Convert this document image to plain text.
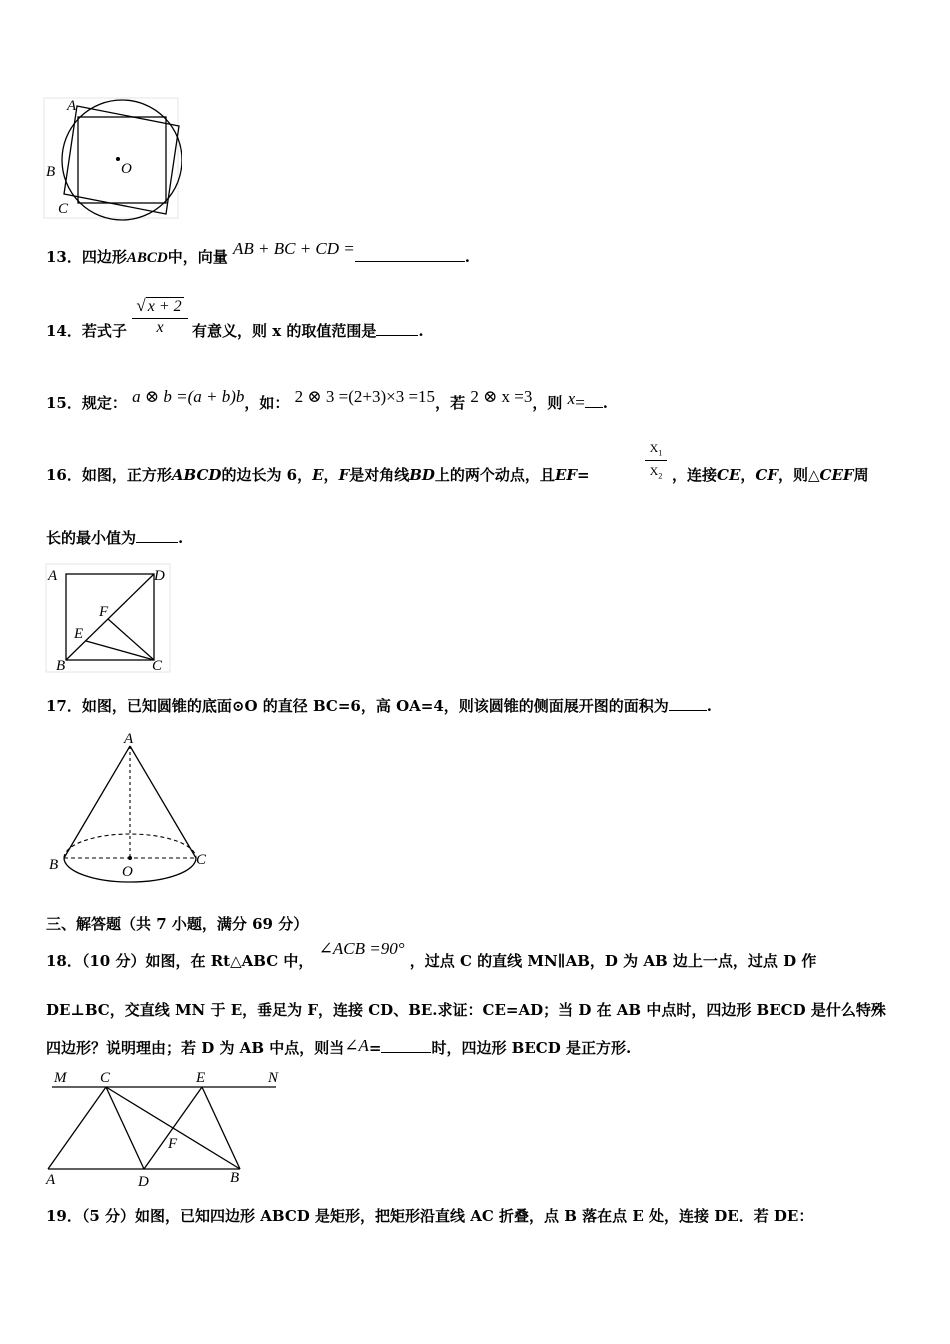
A
B
C
O
13．四边形ABCD中，向量 AB + BC + CD =	.
14．若式子
√ x + 2
x	有意义，则 x 的取值范围是	.
15．规定： a ⊗ b =(a + b)b，如： 2 ⊗ 3 =(2+3)×3 =15，若 2 ⊗ x =3，则 x= .
16．如图，正方形ABCD的边长为 6，E，F是对角线BD上的两个动点，且EF=
$X_1$
$X_2$ ，连接CE，CF，则△CEF周
长的最小值为	.
A	D
F
E
B	C
17．如图，已知圆锥的底面⊙O 的直径 BC=6，高 OA=4，则该圆锥的侧面展开图的面积为	.
A
B	C
O
三、解答题（共 7 小题，满分 69 分）
18．（10 分）如图，在 Rt△ABC 中， ∠ACB =90° ，过点 C 的直线 MN∥AB，D 为 AB 边上一点，过点 D 作
DE⊥BC，交直线 MN 于 E，垂足为 F，连接 CD、BE.求证：CE=AD；当 D 在 AB 中点时，四边形 BECD 是什么特殊
四边形？说明理由；若 D 为 AB 中点，则当∠A=	时，四边形 BECD 是正方形.
M C	E	N
F
A	D	B
19．（5 分）如图，已知四边形 ABCD 是矩形，把矩形沿直线 AC 折叠，点 B 落在点 E 处，连接 DE．若 DE：
